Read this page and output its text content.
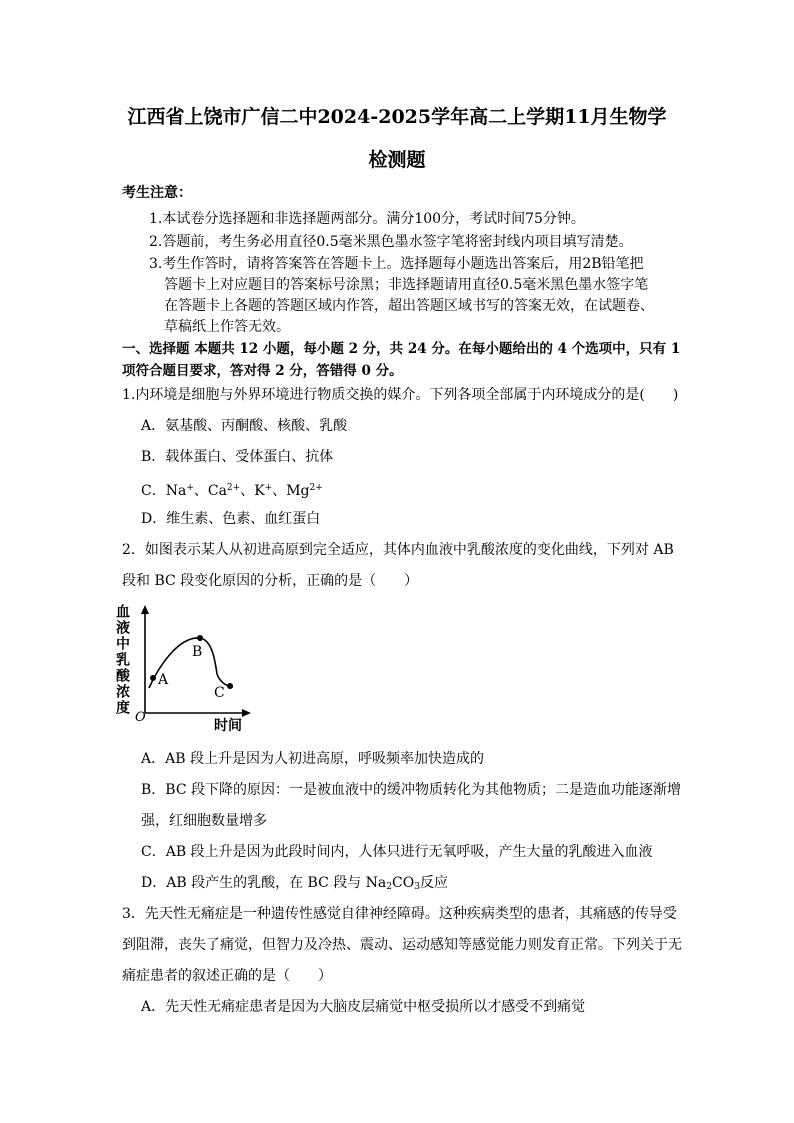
江西省上饶市广信二中2024-2025学年高二上学期11月生物学
检测题
考生注意：
1.本试卷分选择题和非选择题两部分。满分100分，考试时间75分钟。
2.答题前，考生务必用直径0.5毫米黑色墨水签字笔将密封线内项目填写清楚。
3.考生作答时，请将答案答在答题卡上。选择题每小题选出答案后，用2B铅笔把
答题卡上对应题目的答案标号涂黑；非选择题请用直径0.5毫米黑色墨水签字笔
在答题卡上各题的答题区域内作答，超出答题区域书写的答案无效，在试题卷、
草稿纸上作答无效。
一、选择题 本题共 12 小题，每小题 2 分，共 24 分。在每小题给出的 4 个选项中，只有 1
项符合题目要求，答对得 2 分，答错得 0 分。
1.内环境是细胞与外界环境进行物质交换的媒介。下列各项全部属于内环境成分的是(　　)
A．氨基酸、丙酮酸、核酸、乳酸
B．载体蛋白、受体蛋白、抗体
C．Na+、$Ca^{2+}$、K+、$Mg^{2+}$
D．维生素、色素、血红蛋白
2．如图表示某人从初进高原到完全适应，其体内血液中乳酸浓度的变化曲线，下列对 AB
段和 BC 段变化原因的分析，正确的是（　　）
A
B
C
O
时间
血液中乳酸浓度
A．AB 段上升是因为人初进高原，呼吸频率加快造成的
B．BC 段下降的原因：一是被血液中的缓冲物质转化为其他物质；二是造血功能逐渐增
强，红细胞数量增多
C．AB 段上升是因为此段时间内，人体只进行无氧呼吸，产生大量的乳酸进入血液
D．AB 段产生的乳酸，在 BC 段与 $Na_2CO_3$反应
3．先天性无痛症是一种遗传性感觉自律神经障碍。这种疾病类型的患者，其痛感的传导受
到阻滞，丧失了痛觉，但智力及冷热、震动、运动感知等感觉能力则发育正常。下列关于无
痛症患者的叙述正确的是（　　）
A．先天性无痛症患者是因为大脑皮层痛觉中枢受损所以才感受不到痛觉
